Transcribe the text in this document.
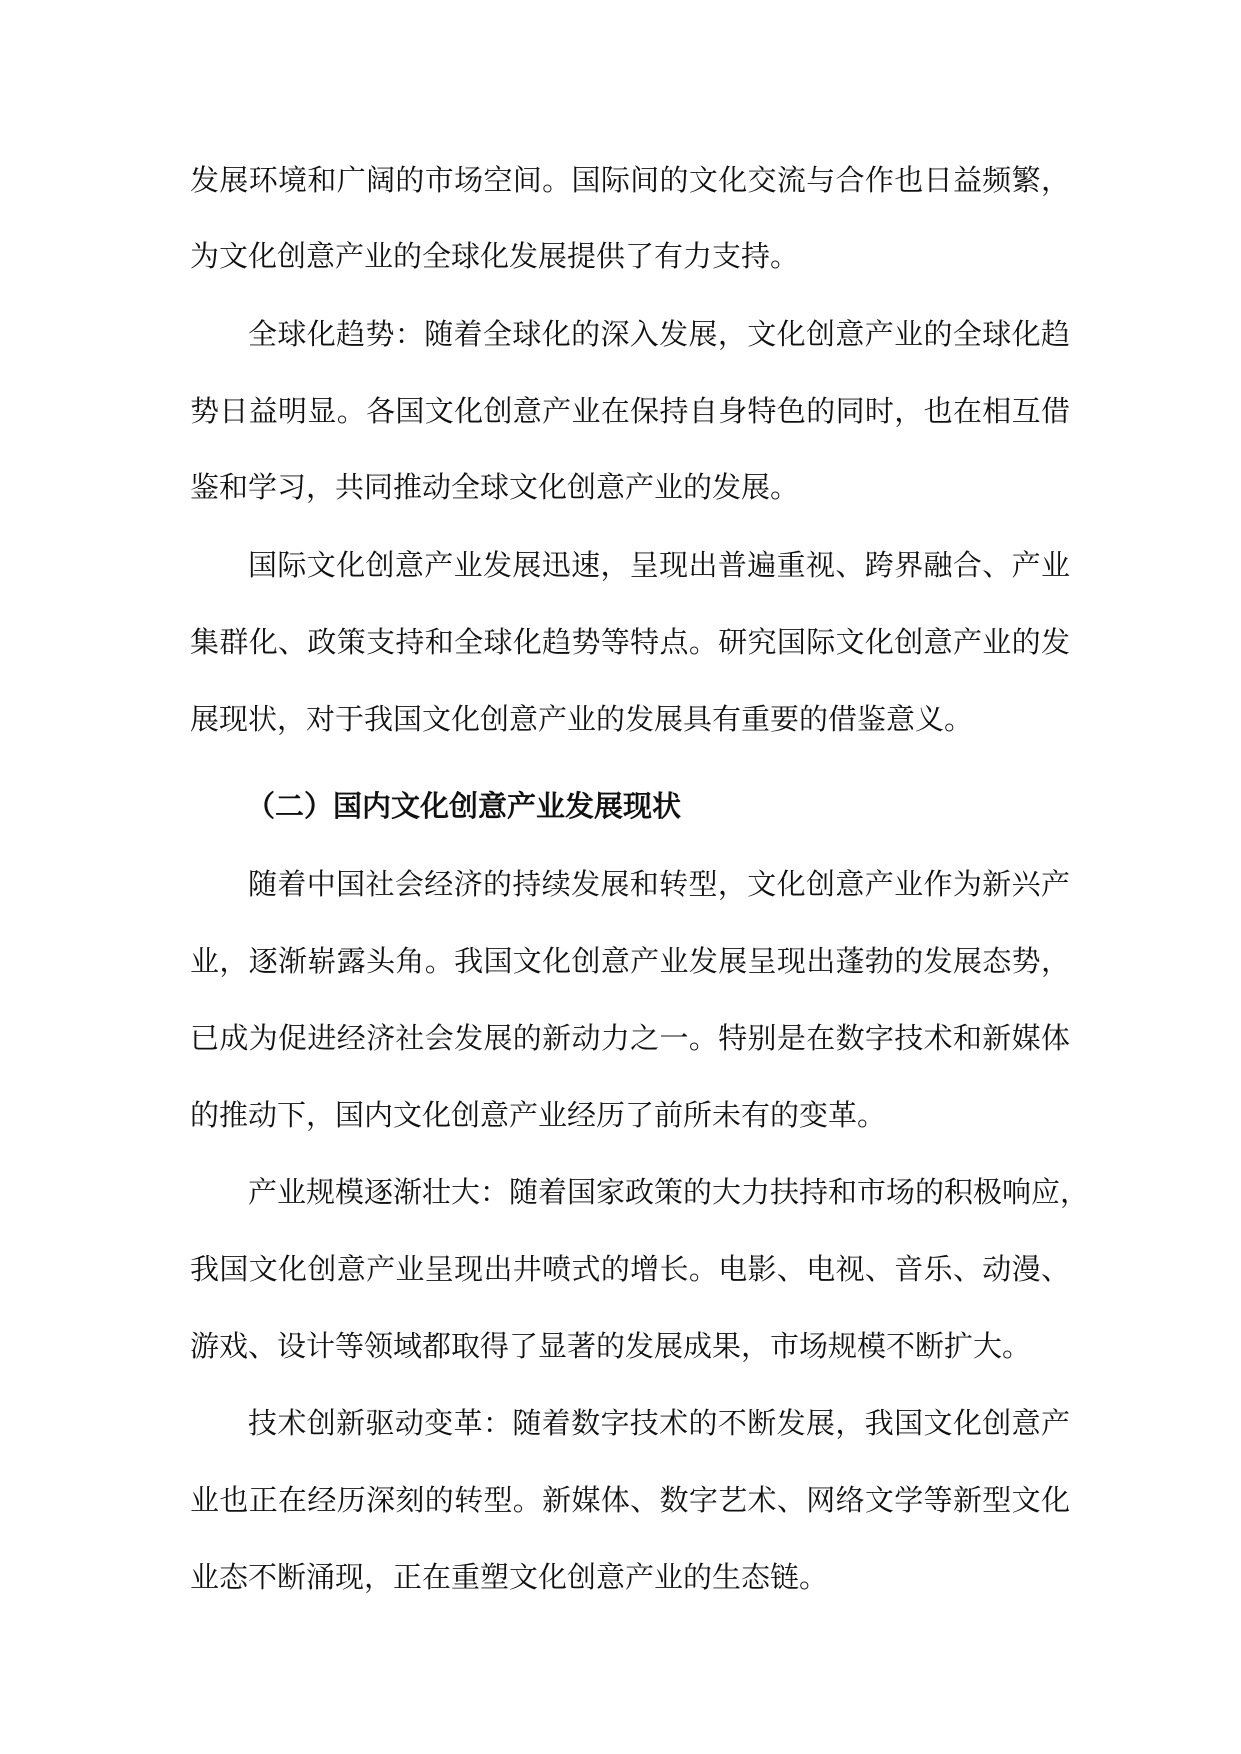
发展环境和广阔的市场空间。国际间的文化交流与合作也日益频繁，

为文化创意产业的全球化发展提供了有力支持。

全球化趋势：随着全球化的深入发展，文化创意产业的全球化趋

势日益明显。各国文化创意产业在保持自身特色的同时，也在相互借

鉴和学习，共同推动全球文化创意产业的发展。

国际文化创意产业发展迅速，呈现出普遍重视、跨界融合、产业

集群化、政策支持和全球化趋势等特点。研究国际文化创意产业的发

展现状，对于我国文化创意产业的发展具有重要的借鉴意义。

（二）国内文化创意产业发展现状

随着中国社会经济的持续发展和转型，文化创意产业作为新兴产

业，逐渐崭露头角。我国文化创意产业发展呈现出蓬勃的发展态势，

已成为促进经济社会发展的新动力之一。特别是在数字技术和新媒体

的推动下，国内文化创意产业经历了前所未有的变革。

产业规模逐渐壮大：随着国家政策的大力扶持和市场的积极响应，

我国文化创意产业呈现出井喷式的增长。电影、电视、音乐、动漫、

游戏、设计等领域都取得了显著的发展成果，市场规模不断扩大。

技术创新驱动变革：随着数字技术的不断发展，我国文化创意产

业也正在经历深刻的转型。新媒体、数字艺术、网络文学等新型文化

业态不断涌现，正在重塑文化创意产业的生态链。
